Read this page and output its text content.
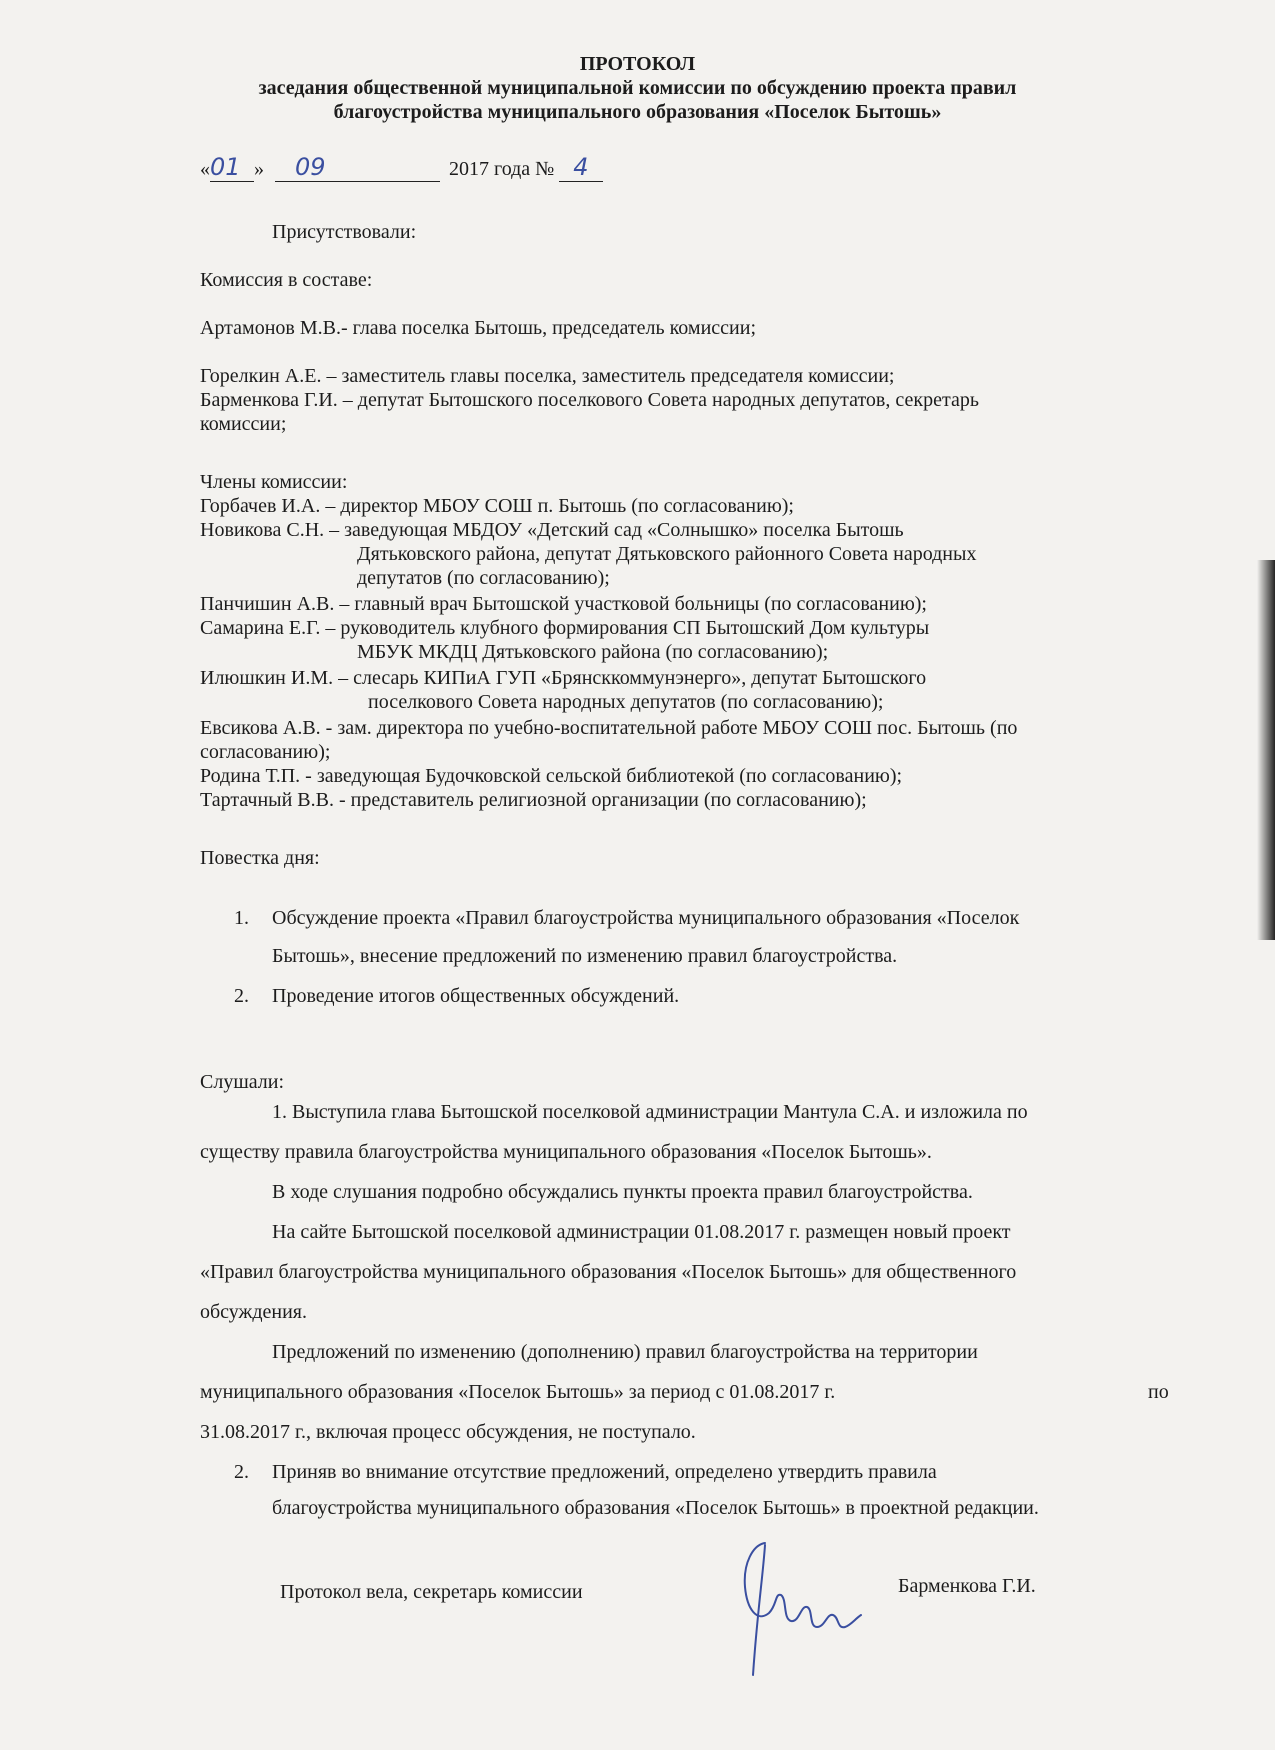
ПРОТОКОЛ
заседания общественной муниципальной комиссии по обсуждению проекта правил
благоустройства муниципального образования «Поселок Бытошь»
«01 » 09	2017 года № 4
Присутствовали:
Комиссия в составе:
Артамонов М.В.- глава поселка Бытошь, председатель комиссии;
Горелкин А.Е. – заместитель главы поселка, заместитель председателя комиссии;
Барменкова Г.И. – депутат Бытошского поселкового Совета народных депутатов, секретарь
комиссии;
Члены комиссии:
Горбачев И.А. – директор МБОУ СОШ п. Бытошь (по согласованию);
Новикова С.Н. – заведующая МБДОУ «Детский сад «Солнышко» поселка Бытошь
Дятьковского района, депутат Дятьковского районного Совета народных
депутатов (по согласованию);
Панчишин А.В. – главный врач Бытошской участковой больницы (по согласованию);
Самарина Е.Г. – руководитель клубного формирования СП Бытошский Дом культуры
МБУК МКДЦ Дятьковского района (по согласованию);
Илюшкин И.М. – слесарь КИПиА ГУП «Брянсккоммунэнерго», депутат Бытошского
поселкового Совета народных депутатов (по согласованию);
Евсикова А.В. - зам. директора по учебно-воспитательной работе МБОУ СОШ пос. Бытошь (по
согласованию);
Родина Т.П. - заведующая Будочковской сельской библиотекой (по согласованию);
Тартачный В.В. - представитель религиозной организации (по согласованию);
Повестка дня:
1. Обсуждение проекта «Правил благоустройства муниципального образования «Поселок
Бытошь», внесение предложений по изменению правил благоустройства.
2. Проведение итогов общественных обсуждений.
Слушали:
1. Выступила глава Бытошской поселковой администрации Мантула С.А. и изложила по
существу правила благоустройства муниципального образования «Поселок Бытошь».
В ходе слушания подробно обсуждались пункты проекта правил благоустройства.
На сайте Бытошской поселковой администрации 01.08.2017 г. размещен новый проект
«Правил благоустройства муниципального образования «Поселок Бытошь» для общественного
обсуждения.
Предложений по изменению (дополнению) правил благоустройства на территории
муниципального образования «Поселок Бытошь» за период с 01.08.2017 г.	по
31.08.2017 г., включая процесс обсуждения, не поступало.
2. Приняв во внимание отсутствие предложений, определено утвердить правила
благоустройства муниципального образования «Поселок Бытошь» в проектной редакции.
Протокол вела, секретарь комиссии	Барменкова Г.И.
